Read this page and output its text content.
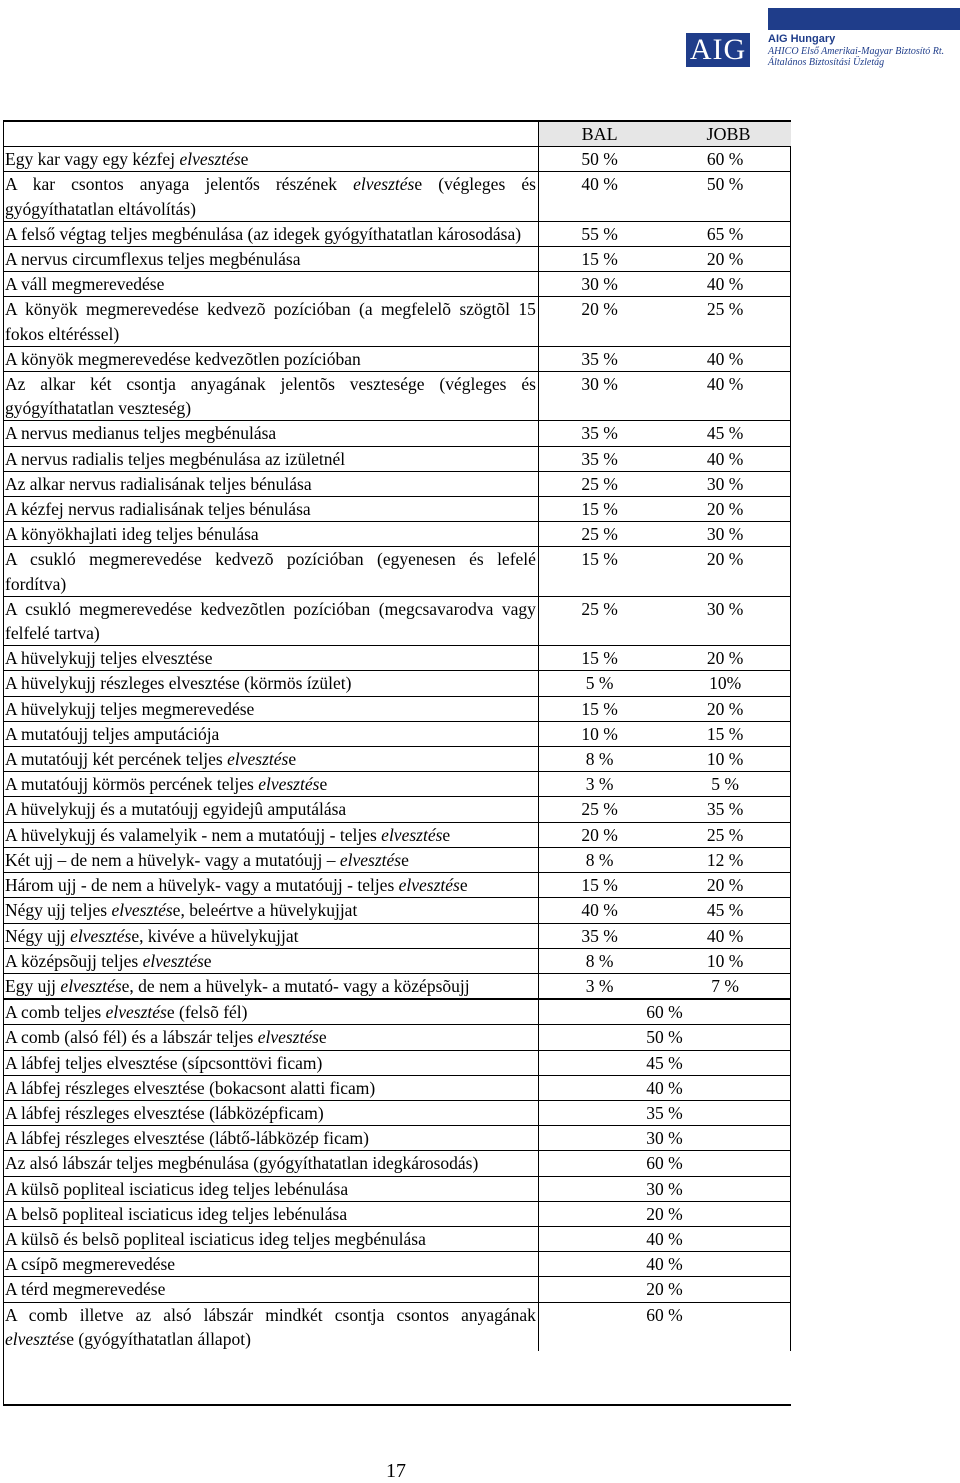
AIG	AIG Hungary
AHICO Első Amerikai-Magyar Biztosító Rt.
Általános Biztosítási Üzletág
	BAL	JOBB
Egy kar vagy egy kézfej elvesztése	50 %	60 %
A kar csontos anyaga jelentős részének elvesztése (végleges és gyógyíthatatlan eltávolítás)	40 %	50 %
A felső végtag teljes megbénulása (az idegek gyógyíthatatlan károsodása)	55 %	65 %
A nervus circumflexus teljes megbénulása	15 %	20 %
A váll megmerevedése	30 %	40 %
A könyök megmerevedése kedvezõ pozícióban (a megfelelõ szögtõl 15 fokos eltéréssel)	20 %	25 %
A könyök megmerevedése kedvezõtlen pozícióban	35 %	40 %
Az alkar két csontja anyagának jelentõs vesztesége (végleges és gyógyíthatatlan veszteség)	30 %	40 %
A nervus medianus teljes megbénulása	35 %	45 %
A nervus radialis teljes megbénulása az izületnél	35 %	40 %
Az alkar nervus radialisának teljes bénulása	25 %	30 %
A kézfej nervus radialisának teljes bénulása	15 %	20 %
A könyökhajlati ideg teljes bénulása	25 %	30 %
A csukló megmerevedése kedvezõ pozícióban (egyenesen és lefelé fordítva)	15 %	20 %
A csukló megmerevedése kedvezõtlen pozícióban (megcsavarodva vagy felfelé tartva)	25 %	30 %
A hüvelykujj teljes elvesztése	15 %	20 %
A hüvelykujj részleges elvesztése (körmös ízület)	5 %	10%
A hüvelykujj teljes megmerevedése	15 %	20 %
A mutatóujj teljes amputációja	10 %	15 %
A mutatóujj két percének teljes elvesztése	8 %	10 %
A mutatóujj körmös percének teljes elvesztése	3 %	5 %
A hüvelykujj és a mutatóujj egyidejû amputálása	25 %	35 %
A hüvelykujj és valamelyik - nem a mutatóujj - teljes elvesztése	20 %	25 %
Két ujj – de nem a hüvelyk- vagy a mutatóujj – elvesztése	8 %	12 %
Három ujj - de nem a hüvelyk- vagy a mutatóujj - teljes elvesztése	15 %	20 %
Négy ujj teljes elvesztése, beleértve a hüvelykujjat	40 %	45 %
Négy ujj elvesztése, kivéve a hüvelykujjat	35 %	40 %
A középsõujj teljes elvesztése	8 %	10 %
Egy ujj elvesztése, de nem a hüvelyk- a mutató- vagy a középsõujj	3 %	7 %
A comb teljes elvesztése (felsõ fél)	60 %	
A comb (alsó fél) és a lábszár teljes elvesztése	50 %	
A lábfej teljes elvesztése (sípcsonttövi ficam)	45 %	
A lábfej részleges elvesztése (bokacsont alatti ficam)	40 %	
A lábfej részleges elvesztése (lábközépficam)	35 %	
A lábfej részleges elvesztése (lábtő-lábközép ficam)	30 %	
Az alsó lábszár teljes megbénulása (gyógyíthatatlan idegkárosodás)	60 %	
A külsõ popliteal isciaticus ideg teljes lebénulása	30 %	
A belsõ popliteal isciaticus ideg teljes lebénulása	20 %	
A külsõ és belsõ popliteal isciaticus ideg teljes megbénulása	40 %	
A csípõ megmerevedése	40 %	
A térd megmerevedése	20 %	
A comb illetve az alsó lábszár mindkét csontja csontos anyagának elvesztése (gyógyíthatatlan állapot)	60 %	
17
